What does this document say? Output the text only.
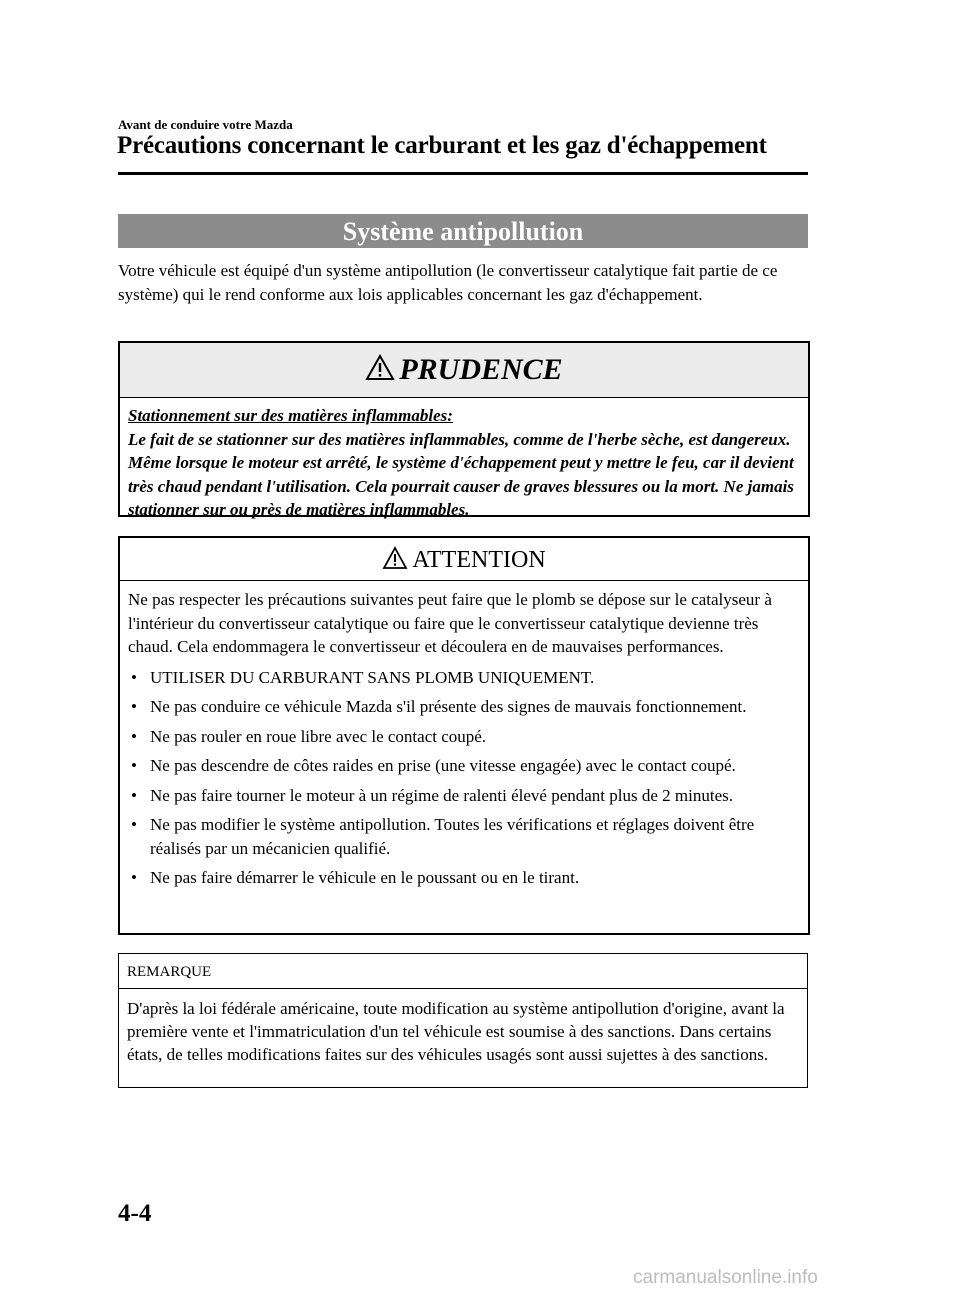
Avant de conduire votre Mazda
Précautions concernant le carburant et les gaz d'échappement
Système antipollution
Votre véhicule est équipé d'un système antipollution (le convertisseur catalytique fait partie de ce système) qui le rend conforme aux lois applicables concernant les gaz d'échappement.
PRUDENCE
Stationnement sur des matières inflammables:
Le fait de se stationner sur des matières inflammables, comme de l'herbe sèche, est dangereux. Même lorsque le moteur est arrêté, le système d'échappement peut y mettre le feu, car il devient très chaud pendant l'utilisation. Cela pourrait causer de graves blessures ou la mort. Ne jamais stationner sur ou près de matières inflammables.
ATTENTION
Ne pas respecter les précautions suivantes peut faire que le plomb se dépose sur le catalyseur à l'intérieur du convertisseur catalytique ou faire que le convertisseur catalytique devienne très chaud. Cela endommagera le convertisseur et découlera en de mauvaises performances.
• UTILISER DU CARBURANT SANS PLOMB UNIQUEMENT.
• Ne pas conduire ce véhicule Mazda s'il présente des signes de mauvais fonctionnement.
• Ne pas rouler en roue libre avec le contact coupé.
• Ne pas descendre de côtes raides en prise (une vitesse engagée) avec le contact coupé.
• Ne pas faire tourner le moteur à un régime de ralenti élevé pendant plus de 2 minutes.
• Ne pas modifier le système antipollution. Toutes les vérifications et réglages doivent être réalisés par un mécanicien qualifié.
• Ne pas faire démarrer le véhicule en le poussant ou en le tirant.
REMARQUE
D'après la loi fédérale américaine, toute modification au système antipollution d'origine, avant la première vente et l'immatriculation d'un tel véhicule est soumise à des sanctions. Dans certains états, de telles modifications faites sur des véhicules usagés sont aussi sujettes à des sanctions.
4-4
carmanualsonline.info
